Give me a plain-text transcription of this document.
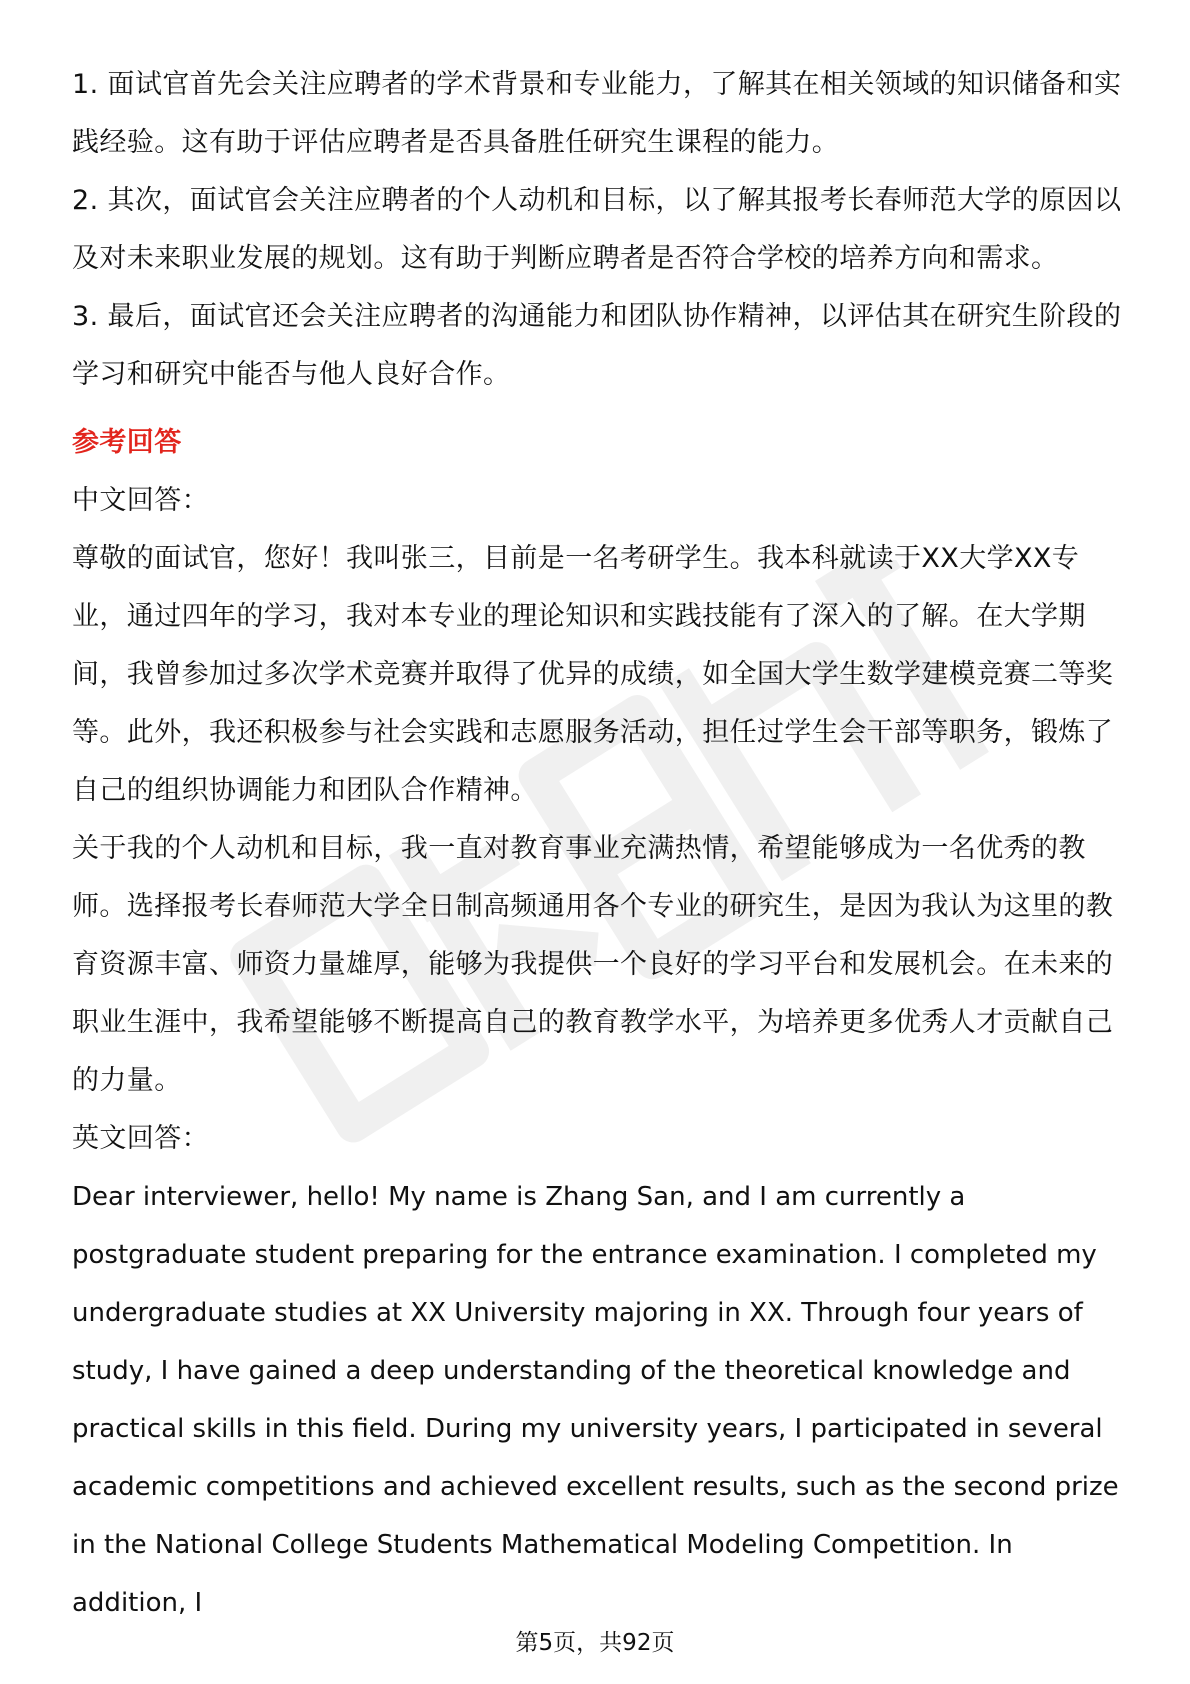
1. 面试官首先会关注应聘者的学术背景和专业能力，了解其在相关领域的知识储备和实践经验。这有助于评估应聘者是否具备胜任研究生课程的能力。

2. 其次，面试官会关注应聘者的个人动机和目标，以了解其报考长春师范大学的原因以及对未来职业发展的规划。这有助于判断应聘者是否符合学校的培养方向和需求。

3. 最后，面试官还会关注应聘者的沟通能力和团队协作精神，以评估其在研究生阶段的学习和研究中能否与他人良好合作。

参考回答

中文回答：

尊敬的面试官，您好！我叫张三，目前是一名考研学生。我本科就读于XX大学XX专业，通过四年的学习，我对本专业的理论知识和实践技能有了深入的了解。在大学期间，我曾参加过多次学术竞赛并取得了优异的成绩，如全国大学生数学建模竞赛二等奖等。此外，我还积极参与社会实践和志愿服务活动，担任过学生会干部等职务，锻炼了自己的组织协调能力和团队合作精神。

关于我的个人动机和目标，我一直对教育事业充满热情，希望能够成为一名优秀的教师。选择报考长春师范大学全日制高频通用各个专业的研究生，是因为我认为这里的教育资源丰富、师资力量雄厚，能够为我提供一个良好的学习平台和发展机会。在未来的职业生涯中，我希望能够不断提高自己的教育教学水平，为培养更多优秀人才贡献自己的力量。

英文回答：

Dear interviewer, hello! My name is Zhang San, and I am currently a postgraduate student preparing for the entrance examination. I completed my undergraduate studies at XX University majoring in XX. Through four years of study, I have gained a deep understanding of the theoretical knowledge and practical skills in this field. During my university years, I participated in several academic competitions and achieved excellent results, such as the second prize in the National College Students Mathematical Modeling Competition. In addition, I

第5页，共92页
